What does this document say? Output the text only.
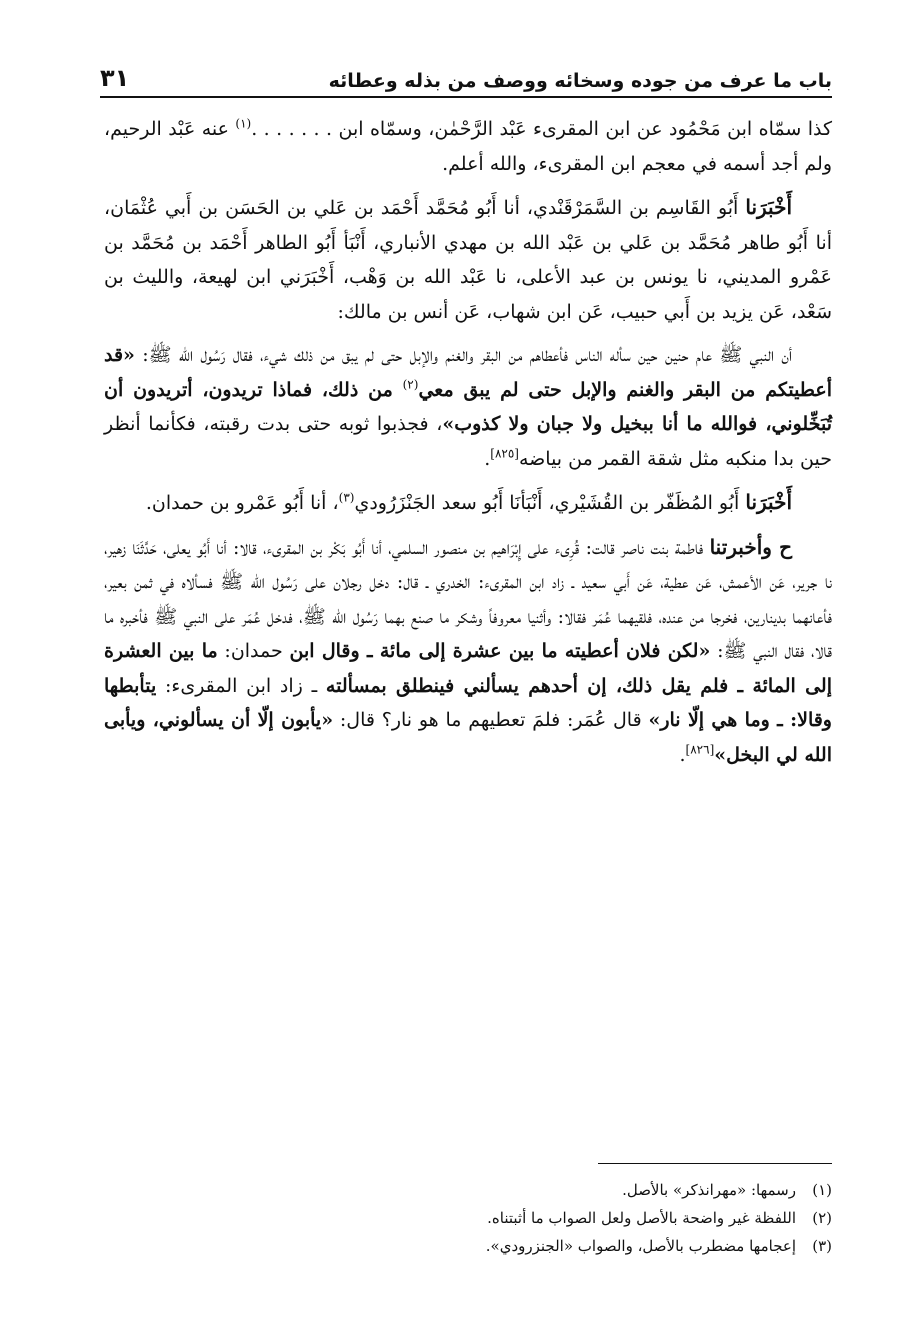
باب ما عرف من جوده وسخائه ووصف من بذله وعطائه
٣١

كذا سمّاه ابن مَحْمُود عن ابن المقرىء عَبْد الرَّحْمٰن، وسمّاه ابن . . . . . . .$^{(١)}$ عنه عَبْد الرحيم، ولم أجد أسمه في معجم ابن المقرىء، والله أعلم.

أَخْبَرَنا أَبُو القَاسِم بن السَّمَرْقَنْدي، أنا أَبُو مُحَمَّد أَحْمَد بن عَلي بن الحَسَن بن أَبي عُثْمَان، أنا أَبُو طاهر مُحَمَّد بن عَلي بن عَبْد الله بن مهدي الأنباري، أَنْبَأ أَبُو الطاهر أَحْمَد بن مُحَمَّد بن عَمْرو المديني، نا يونس بن عبد الأعلى، نا عَبْد الله بن وَهْب، أَخْبَرَني ابن لهيعة، والليث بن سَعْد، عَن يزيد بن أَبي حبيب، عَن ابن شهاب، عَن أنس بن مالك:

أن النبي ﷺ عام حنين حين سأله الناس فأعطاهم من البقر والغنم والإبل حتى لم يبق من ذلك شيء، فقال رَسُول الله ﷺ: «قد أعطيتكم من البقر والغنم والإبل حتى لم يبق معي$^{(٢)}$ من ذلك، فماذا تريدون، أتريدون أن تُبَخِّلوني، فوالله ما أنا ببخيل ولا جبان ولا كذوب»، فجذبوا ثوبه حتى بدت رقبته، فكأنما أنظر حين بدا منكبه مثل شقة القمر من بياضه[٨٢٥].

أَخْبَرَنا أَبُو المُظَفّر بن القُشَيْري، أَنْبَأنَا أَبُو سعد الجَنْزَرُودي$^{(٣)}$، أنا أَبُو عَمْرو بن حمدان.

ح وأخبرتنا فاطمة بنت ناصر قالت: قُرِىء على إِبْرَاهيم بن منصور السلمي، أنا أَبُو بَكْر بن المقرىء، قالا: أنا أَبُو يعلى، حَدَّثَنَا زهير، نا جرير، عَن الأعمش، عَن عطية، عَن أَبي سعيد ـ زاد ابن المقرىء: الخدري ـ قال: دخل رجلان على رَسُول الله ﷺ فسألاه في ثمن بعير، فأعانهما بدينارين، فخرجا من عنده، فلقيهما عُمَر فقالا: وأثنيا معروفاً وشكر ما صنع بهما رَسُول الله ﷺ، فدخل عُمَر على النبي ﷺ فأخبره ما قالا، فقال النبي ﷺ: «لكن فلان أعطيته ما بين عشرة إلى مائة ـ وقال ابن حمدان: ما بين العشرة إلى المائة ـ فلم يقل ذلك، إن أحدهم يسألني فينطلق بمسألته ـ زاد ابن المقرىء: يتأبطها وقالا: ـ وما هي إلّا نار» قال عُمَر: فلمَ تعطيهم ما هو نار؟ قال: «يأبون إلّا أن يسألوني، ويأبى الله لي البخل»[٨٢٦].

(١)رسمها: «مهرانذكر» بالأصل.
(٢)اللفظة غير واضحة بالأصل ولعل الصواب ما أثبتناه.
(٣)إعجامها مضطرب بالأصل، والصواب «الجنزرودي».
